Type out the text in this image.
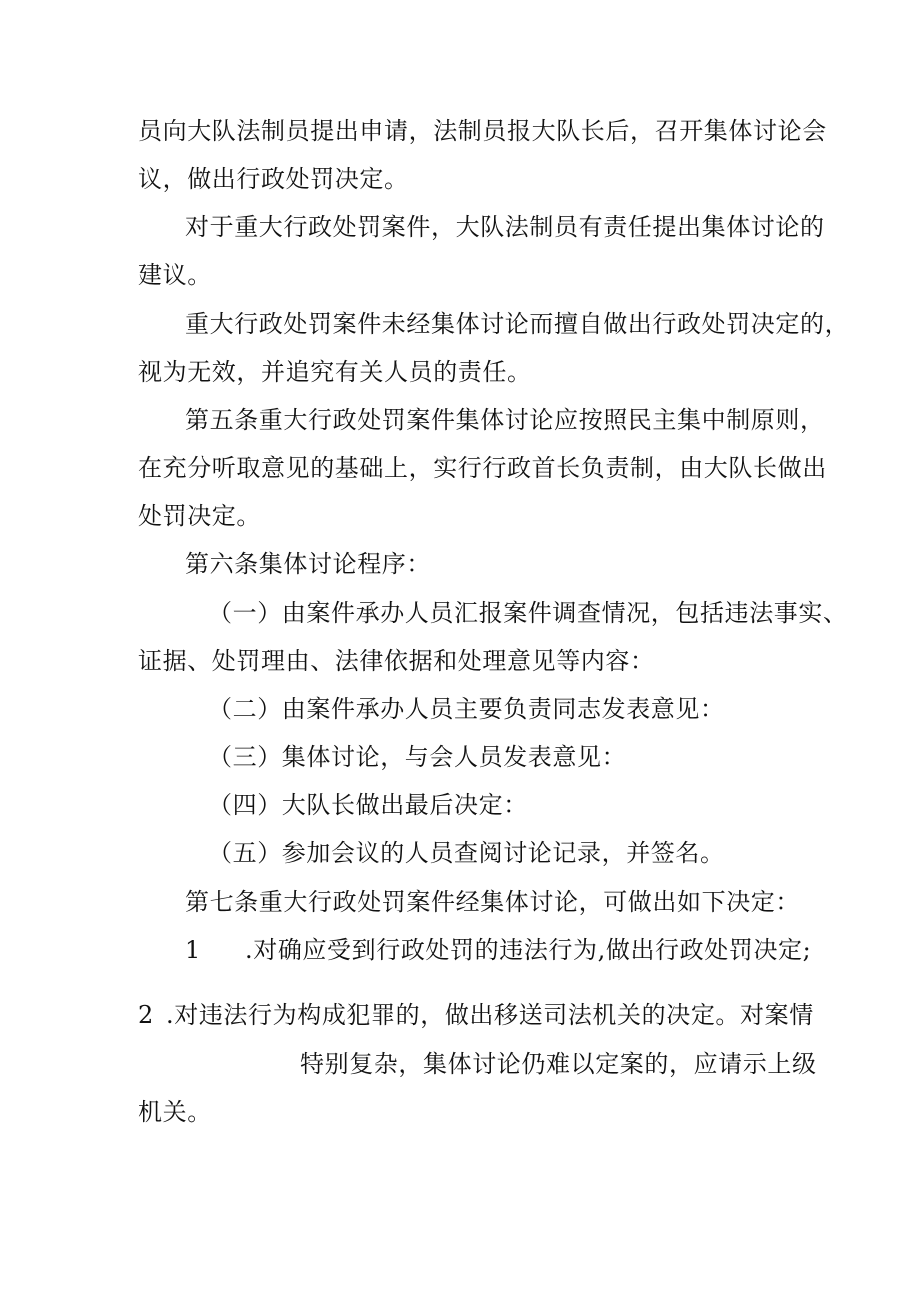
员向大队法制员提出申请，法制员报大队长后，召开集体讨论会
议，做出行政处罚决定。
对于重大行政处罚案件，大队法制员有责任提出集体讨论的
建议。
重大行政处罚案件未经集体讨论而擅自做出行政处罚决定的，
视为无效，并追究有关人员的责任。
第五条重大行政处罚案件集体讨论应按照民主集中制原则，
在充分听取意见的基础上，实行行政首长负责制，由大队长做出
处罚决定。
第六条集体讨论程序：
（一）由案件承办人员汇报案件调查情况，包括违法事实、
证据、处罚理由、法律依据和处理意见等内容：
（二）由案件承办人员主要负责同志发表意见：
（三）集体讨论，与会人员发表意见：
（四）大队长做出最后决定：
（五）参加会议的人员查阅讨论记录，并签名。
第七条重大行政处罚案件经集体讨论，可做出如下决定：
1 .对确应受到行政处罚的违法行为,做出行政处罚决定;
2 .对违法行为构成犯罪的，做出移送司法机关的决定。对案情
特别复杂，集体讨论仍难以定案的，应请示上级
机关。
